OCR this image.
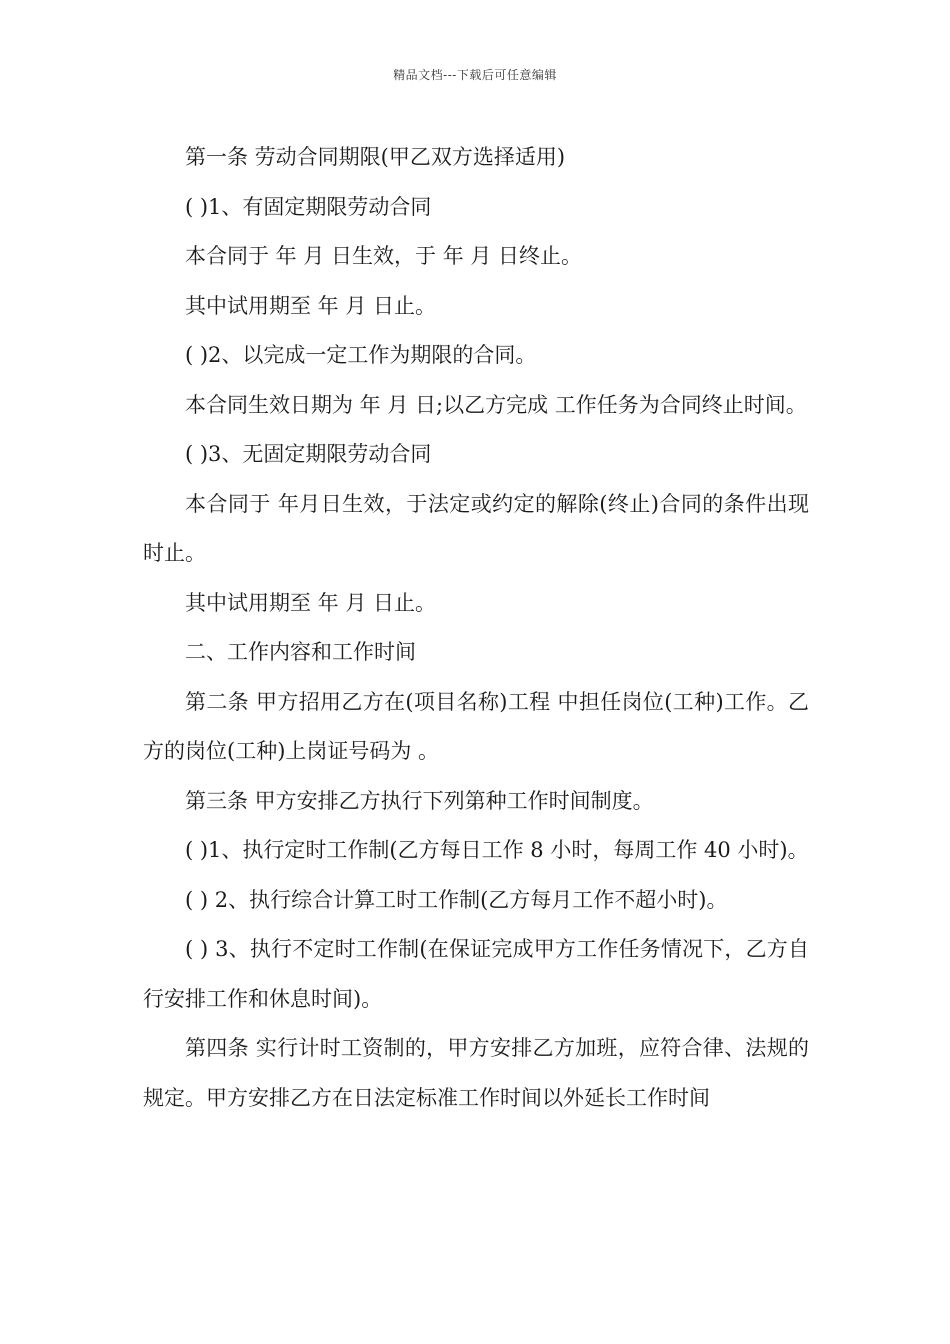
精品文档---下载后可任意编辑

第一条 劳动合同期限(甲乙双方选择适用)

( )1、有固定期限劳动合同

本合同于 年 月 日生效，于 年 月 日终止。

其中试用期至 年 月 日止。

( )2、以完成一定工作为期限的合同。

本合同生效日期为 年 月 日;以乙方完成 工作任务为合同终止时间。

( )3、无固定期限劳动合同

本合同于 年月日生效，于法定或约定的解除(终止)合同的条件出现时止。

其中试用期至 年 月 日止。

二、工作内容和工作时间

第二条 甲方招用乙方在(项目名称)工程 中担任岗位(工种)工作。乙方的岗位(工种)上岗证号码为 。

第三条 甲方安排乙方执行下列第种工作时间制度。

( )1、执行定时工作制(乙方每日工作 8 小时，每周工作 40 小时)。

( ) 2、执行综合计算工时工作制(乙方每月工作不超小时)。

( ) 3、执行不定时工作制(在保证完成甲方工作任务情况下，乙方自行安排工作和休息时间)。

第四条 实行计时工资制的，甲方安排乙方加班，应符合律、法规的规定。甲方安排乙方在日法定标准工作时间以外延长工作时间
